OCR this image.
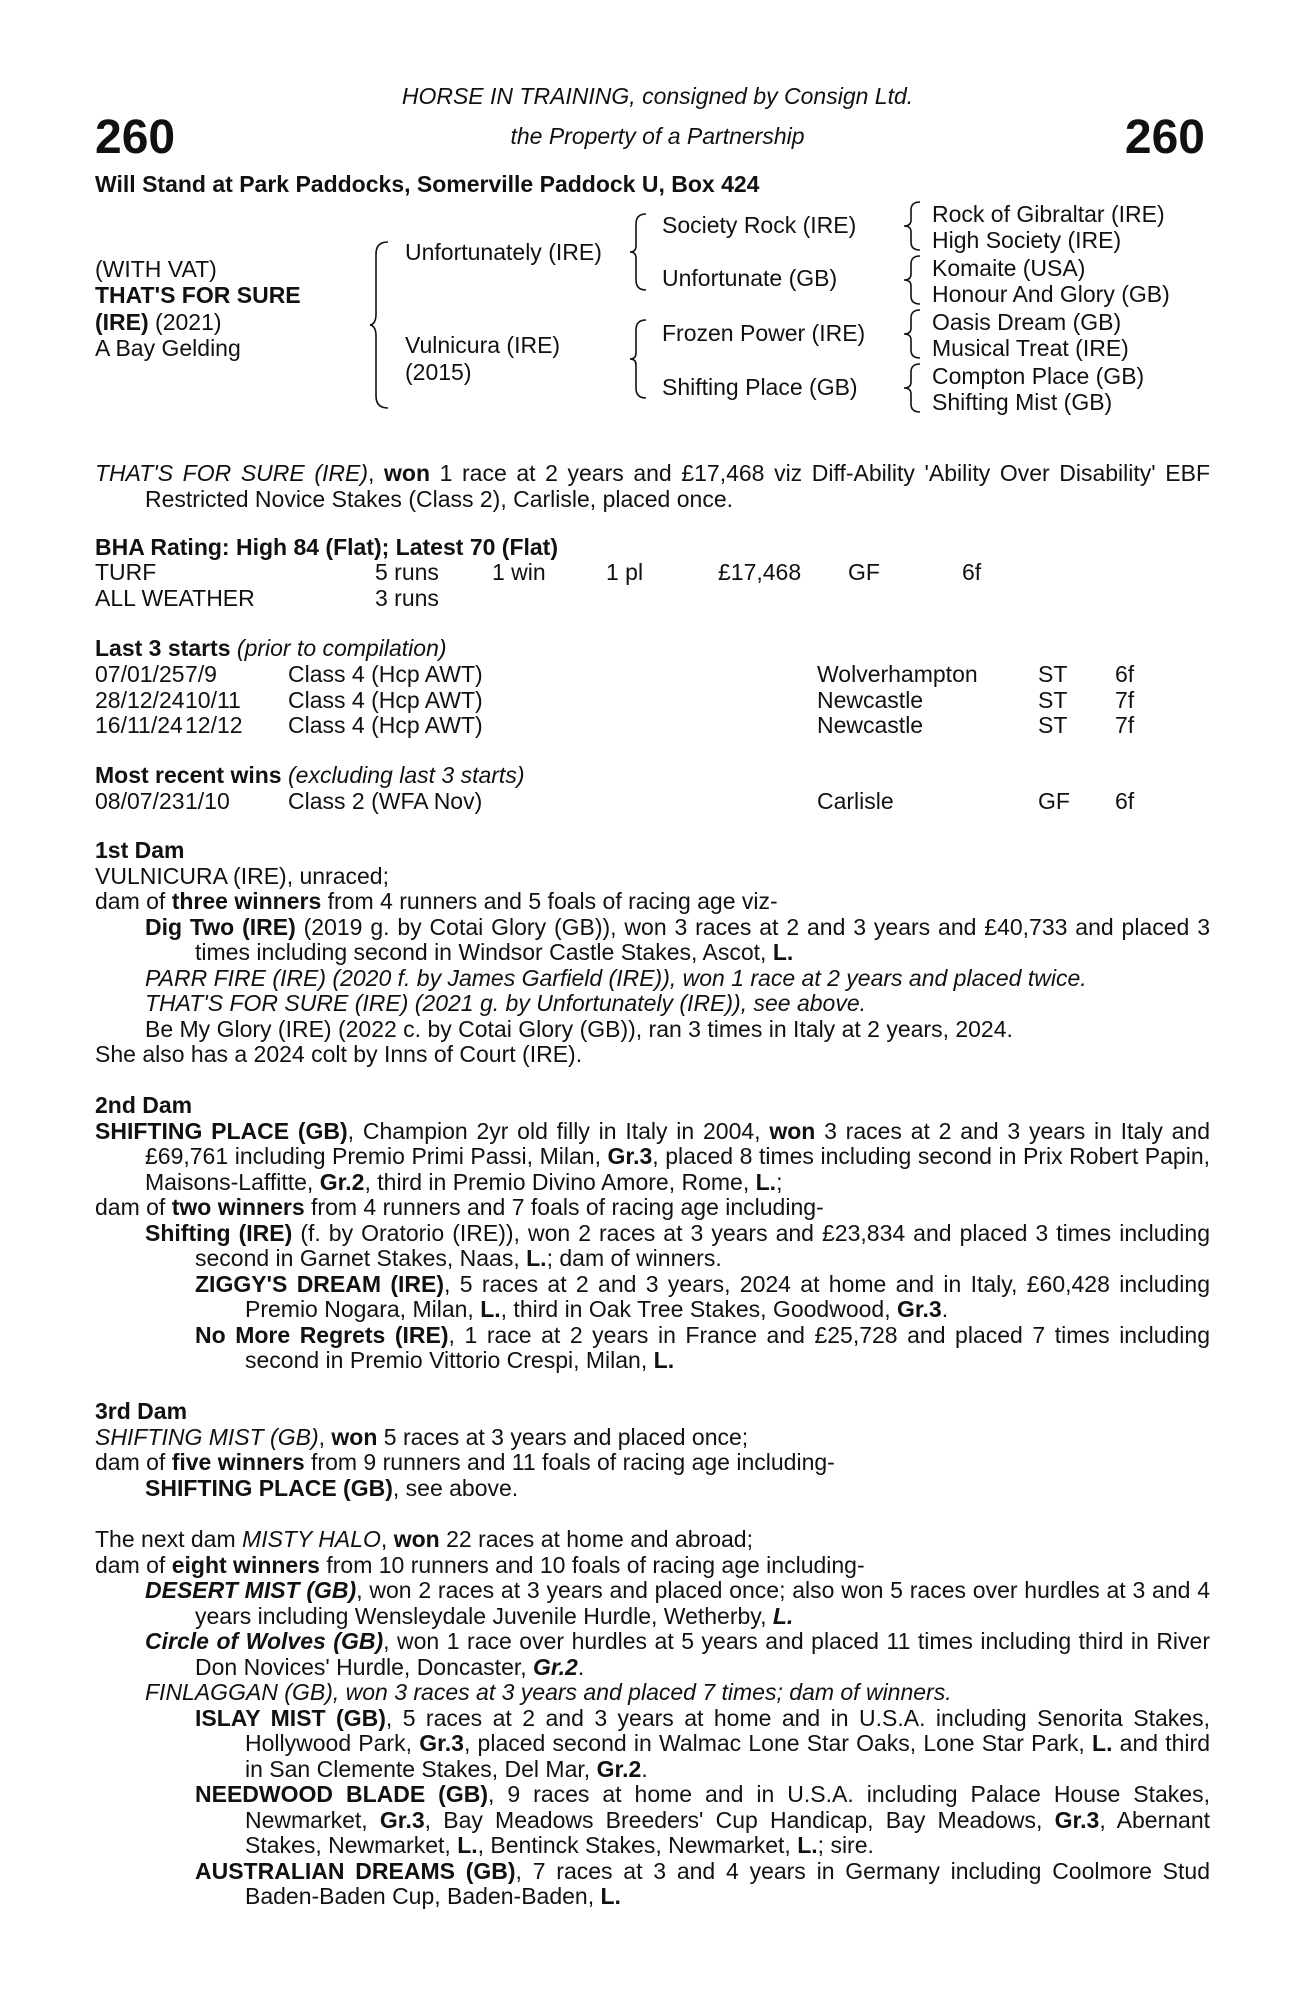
260	260
HORSE IN TRAINING, consigned by Consign Ltd.
the Property of a Partnership
Will Stand at Park Paddocks, Somerville Paddock U, Box 424
(WITH VAT)
THAT'S FOR SURE
(IRE) (2021)
A Bay Gelding
Unfortunately (IRE)
Vulnicura (IRE)
(2015)
Society Rock (IRE)
Unfortunate (GB)
Frozen Power (IRE)
Shifting Place (GB)
Rock of Gibraltar (IRE)
High Society (IRE)
Komaite (USA)
Honour And Glory (GB)
Oasis Dream (GB)
Musical Treat (IRE)
Compton Place (GB)
Shifting Mist (GB)
THAT'S FOR SURE (IRE), won 1 race at 2 years and £17,468 viz Diff-Ability 'Ability Over Disability' EBF Restricted Novice Stakes (Class 2), Carlisle, placed once.
BHA Rating: High 84 (Flat); Latest 70 (Flat)
TURF	5 runs 1 win	1 pl	£17,468 GF	6f
ALL WEATHER	3 runs
Last 3 starts (prior to compilation)
07/01/25 7/9	Class 4 (Hcp AWT)	Wolverhampton	ST 6f
28/12/24 10/11 Class 4 (Hcp AWT)	Newcastle	ST 7f
16/11/24 12/12 Class 4 (Hcp AWT)	Newcastle	ST 7f
Most recent wins (excluding last 3 starts)
08/07/23 1/10	Class 2 (WFA Nov)	Carlisle	GF 6f
1st Dam
VULNICURA (IRE), unraced;
dam of three winners from 4 runners and 5 foals of racing age viz-
Dig Two (IRE) (2019 g. by Cotai Glory (GB)), won 3 races at 2 and 3 years and £40,733 and placed 3 times including second in Windsor Castle Stakes, Ascot, L.
PARR FIRE (IRE) (2020 f. by James Garfield (IRE)), won 1 race at 2 years and placed twice.
THAT'S FOR SURE (IRE) (2021 g. by Unfortunately (IRE)), see above.
Be My Glory (IRE) (2022 c. by Cotai Glory (GB)), ran 3 times in Italy at 2 years, 2024.
She also has a 2024 colt by Inns of Court (IRE).
2nd Dam
SHIFTING PLACE (GB), Champion 2yr old filly in Italy in 2004, won 3 races at 2 and 3 years in Italy and £69,761 including Premio Primi Passi, Milan, Gr.3, placed 8 times including second in Prix Robert Papin, Maisons-Laffitte, Gr.2, third in Premio Divino Amore, Rome, L.;
dam of two winners from 4 runners and 7 foals of racing age including-
Shifting (IRE) (f. by Oratorio (IRE)), won 2 races at 3 years and £23,834 and placed 3 times including second in Garnet Stakes, Naas, L.; dam of winners.
ZIGGY'S DREAM (IRE), 5 races at 2 and 3 years, 2024 at home and in Italy, £60,428 including Premio Nogara, Milan, L., third in Oak Tree Stakes, Goodwood, Gr.3.
No More Regrets (IRE), 1 race at 2 years in France and £25,728 and placed 7 times including second in Premio Vittorio Crespi, Milan, L.
3rd Dam
SHIFTING MIST (GB), won 5 races at 3 years and placed once;
dam of five winners from 9 runners and 11 foals of racing age including-
SHIFTING PLACE (GB), see above.
The next dam MISTY HALO, won 22 races at home and abroad;
dam of eight winners from 10 runners and 10 foals of racing age including-
DESERT MIST (GB), won 2 races at 3 years and placed once; also won 5 races over hurdles at 3 and 4 years including Wensleydale Juvenile Hurdle, Wetherby, L.
Circle of Wolves (GB), won 1 race over hurdles at 5 years and placed 11 times including third in River Don Novices' Hurdle, Doncaster, Gr.2.
FINLAGGAN (GB), won 3 races at 3 years and placed 7 times; dam of winners.
ISLAY MIST (GB), 5 races at 2 and 3 years at home and in U.S.A. including Senorita Stakes, Hollywood Park, Gr.3, placed second in Walmac Lone Star Oaks, Lone Star Park, L. and third in San Clemente Stakes, Del Mar, Gr.2.
NEEDWOOD BLADE (GB), 9 races at home and in U.S.A. including Palace House Stakes, Newmarket, Gr.3, Bay Meadows Breeders' Cup Handicap, Bay Meadows, Gr.3, Abernant Stakes, Newmarket, L., Bentinck Stakes, Newmarket, L.; sire.
AUSTRALIAN DREAMS (GB), 7 races at 3 and 4 years in Germany including Coolmore Stud Baden-Baden Cup, Baden-Baden, L.
